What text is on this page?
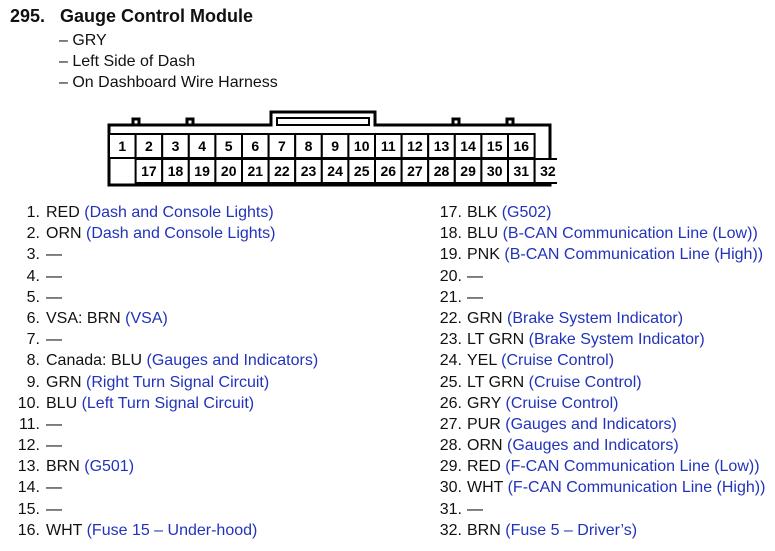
295. Gauge Control Module
– GRY
– Left Side of Dash
– On Dashboard Wire Harness
1 2 3 4 5 6 7 8 9 10 11 12 13 14 15 16
17 18 19 20 21 22 23 24 25 26 27 28 29 30 31 32
1. RED (Dash and Console Lights)
2. ORN (Dash and Console Lights)
3. —
4. —
5. —
6. VSA: BRN (VSA)
7. —
8. Canada: BLU (Gauges and Indicators)
9. GRN (Right Turn Signal Circuit)
10. BLU (Left Turn Signal Circuit)
11. —
12. —
13. BRN (G501)
14. —
15. —
16. WHT (Fuse 15 – Under-hood)
17. BLK (G502)
18. BLU (B-CAN Communication Line (Low))
19. PNK (B-CAN Communication Line (High))
20. —
21. —
22. GRN (Brake System Indicator)
23. LT GRN (Brake System Indicator)
24. YEL (Cruise Control)
25. LT GRN (Cruise Control)
26. GRY (Cruise Control)
27. PUR (Gauges and Indicators)
28. ORN (Gauges and Indicators)
29. RED (F-CAN Communication Line (Low))
30. WHT (F-CAN Communication Line (High))
31. —
32. BRN (Fuse 5 – Driver’s)
